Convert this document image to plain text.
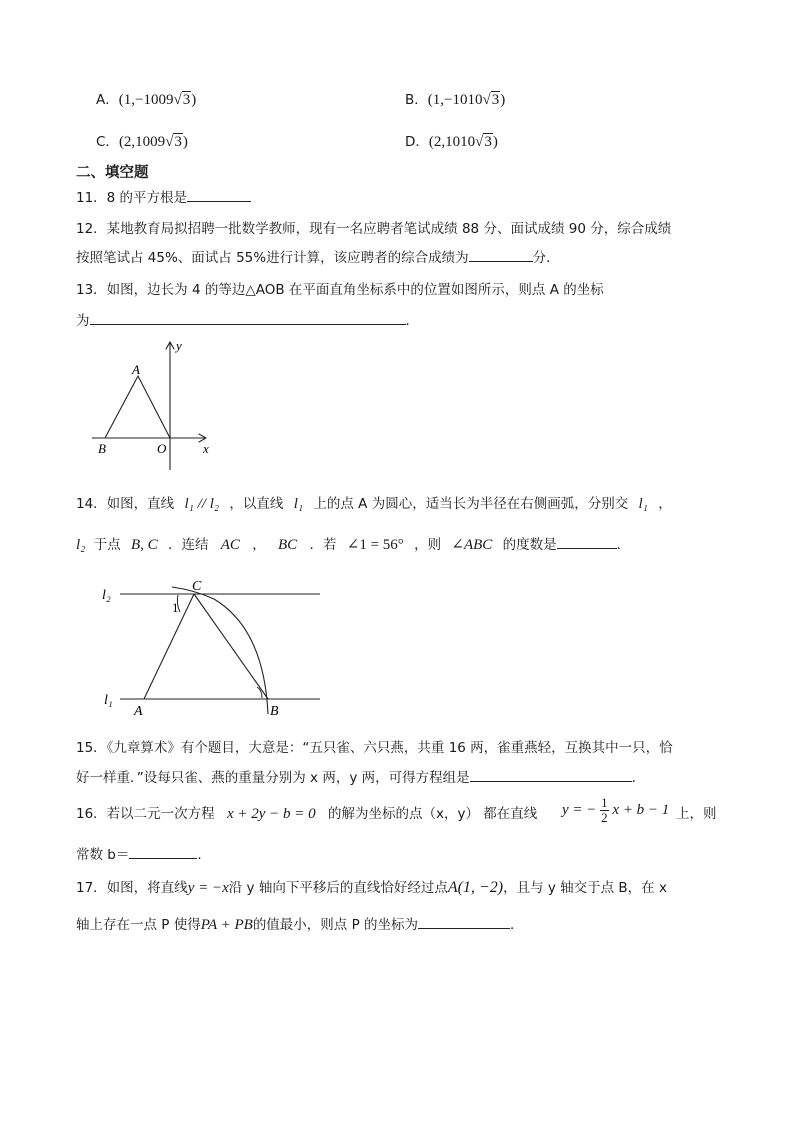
A．(1,−1009√3)	B．(1,−1010√3)
C．(2,1009√3)	D．(2,1010√3)
二、填空题
11．8 的平方根是
12．某地教育局拟招聘一批数学教师，现有一名应聘者笔试成绩 88 分、面试成绩 90 分，综合成绩
按照笔试占 45%、面试占 55%进行计算，该应聘者的综合成绩为	分．
13．如图，边长为 4 的等边△AOB 在平面直角坐标系中的位置如图所示，则点 A 的坐标
为	．
y
x
A
B	O
14．如图，直线 l₁ // l₂ ，以直线 l₁ 上的点 A 为圆心，适当长为半径在右侧画弧，分别交 l₁ ，
l₂ 于点 B, C ．连结 AC ， BC ．若 ∠1 = 56° ，则 ∠ABC 的度数是	．
l₂
l₁
C
A	B
1
15．《九章算术》有个题目，大意是：“五只雀、六只燕，共重 16 两，雀重燕轻，互换其中一只，恰
好一样重．”设每只雀、燕的重量分别为 x 两，y 两，可得方程组是	．
16．若以二元一次方程 x + 2y − b = 0 的解为坐标的点（x，y） 都在直线 y = − $\frac{1}{2}$ x + b − 1 上，则
常数 b＝	.
17．如图，将直线y = −x沿 y 轴向下平移后的直线恰好经过点A(1, −2)，且与 y 轴交于点 B，在 x
轴上存在一点 P 使得PA + PB的值最小，则点 P 的坐标为	．
